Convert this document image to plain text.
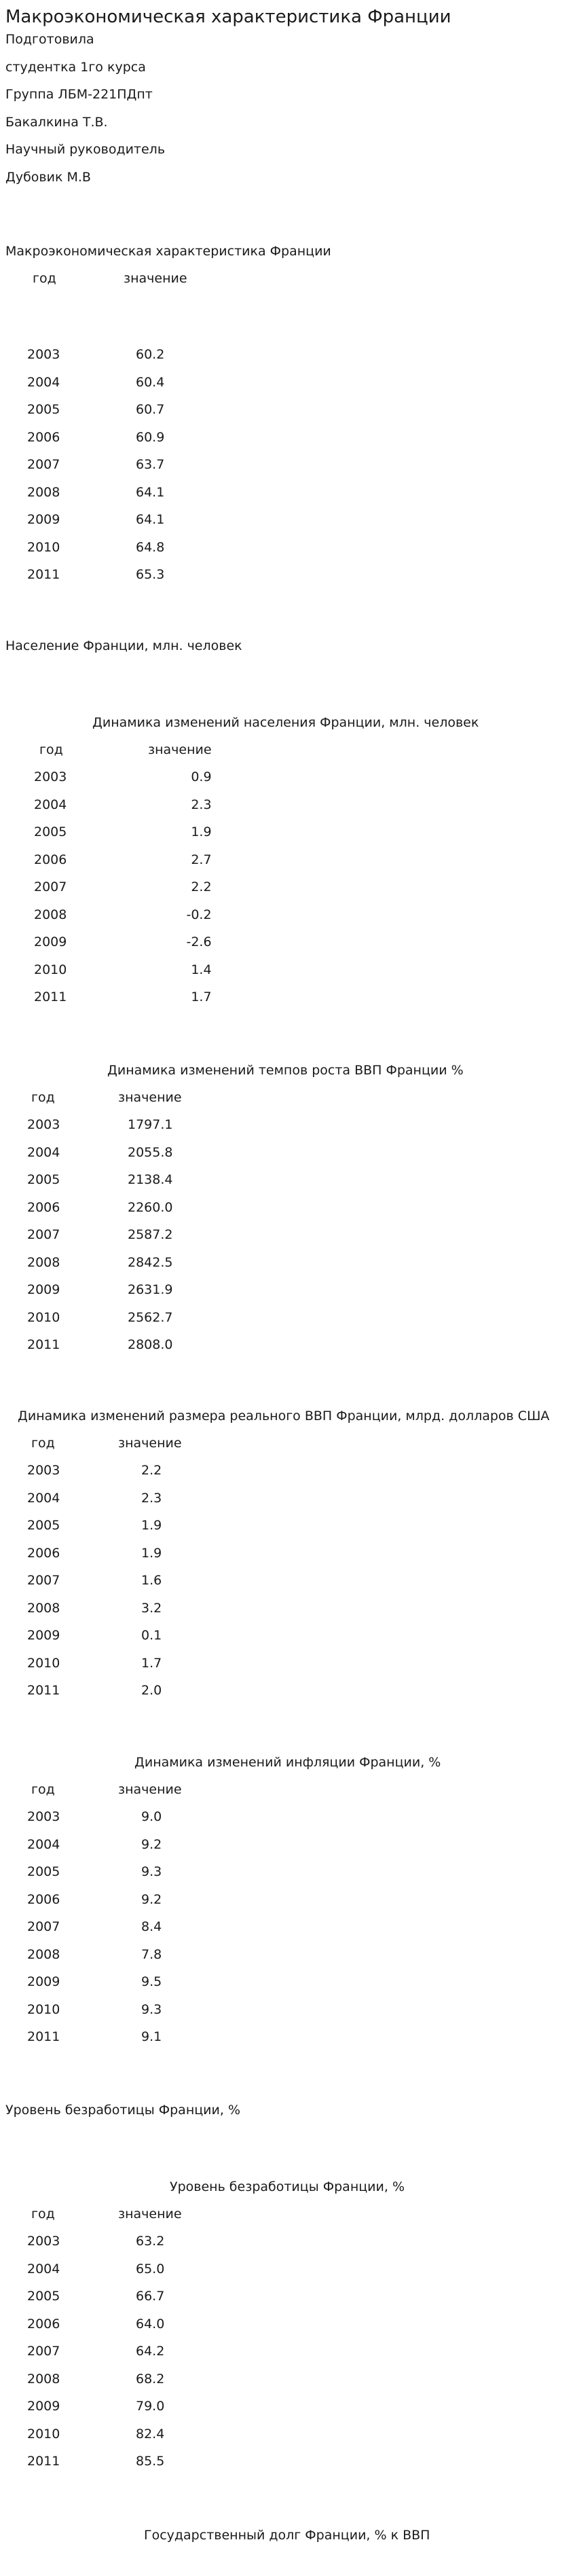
Макроэкономическая характеристика Франции
Подготовила
студентка 1го курса
Группа ЛБМ-221ПДпт
Бакалкина Т.В.
Научный руководитель
Дубовик М.В
Макроэкономическая характеристика Франции
год	значение
2003	60.2
2004	60.4
2005	60.7
2006	60.9
2007	63.7
2008	64.1
2009	64.1
2010	64.8
2011	65.3
Население Франции, млн. человек
Динамика изменений населения Франции, млн. человек
год	значение
2003	0.9
2004	2.3
2005	1.9
2006	2.7
2007	2.2
2008	-0.2
2009	-2.6
2010	1.4
2011	1.7
Динамика изменений темпов роста ВВП Франции %
год	значение
2003	1797.1
2004	2055.8
2005	2138.4
2006	2260.0
2007	2587.2
2008	2842.5
2009	2631.9
2010	2562.7
2011	2808.0
Динамика изменений размера реального ВВП Франции, млрд. долларов США
год	значение
2003	2.2
2004	2.3
2005	1.9
2006	1.9
2007	1.6
2008	3.2
2009	0.1
2010	1.7
2011	2.0
Динамика изменений инфляции Франции, %
год	значение
2003	9.0
2004	9.2
2005	9.3
2006	9.2
2007	8.4
2008	7.8
2009	9.5
2010	9.3
2011	9.1
Уровень безработицы Франции, %
Уровень безработицы Франции, %
год	значение
2003	63.2
2004	65.0
2005	66.7
2006	64.0
2007	64.2
2008	68.2
2009	79.0
2010	82.4
2011	85.5
Государственный долг Франции, % к ВВП
